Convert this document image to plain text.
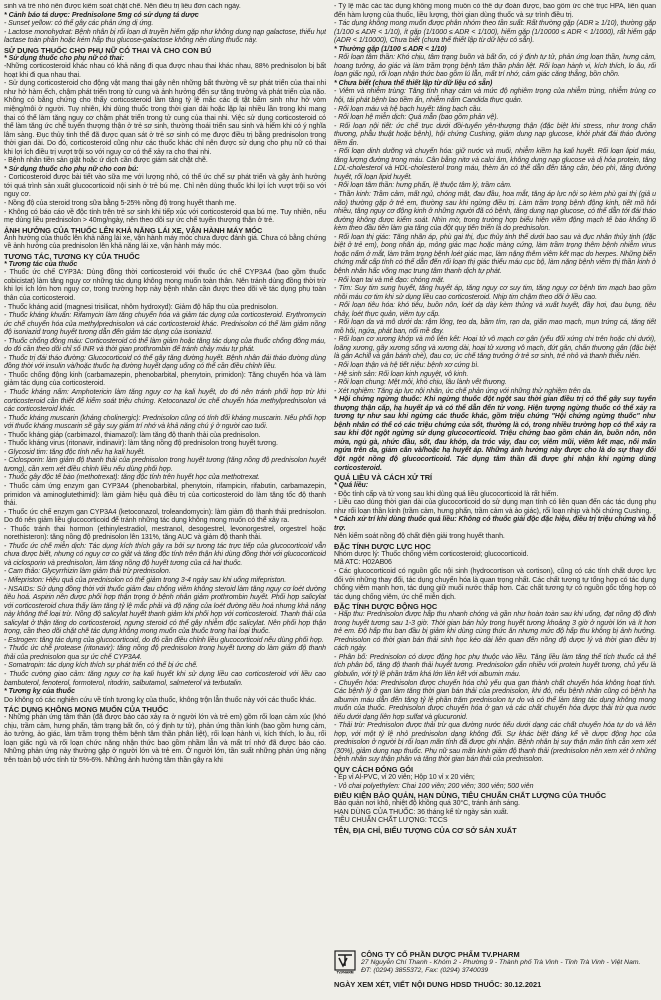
sinh và trẻ nhỏ nên được kiểm soát chặt chẽ. Nên điều trị liều đơn cách ngày.

* Cảnh báo tá dược: Prednisolone 5mg có sử dụng tá dược

- Sunset yellow: có thể gây các phản ứng dị ứng.

- Lactose monohydrat: Bệnh nhân bị rối loạn di truyền hiếm gặp như không dung nạp galactose, thiếu hụt lactase toàn phần hoặc kém hấp thu glucose-galactose không nên dùng thuốc này.

SỬ DỤNG THUỐC CHO PHỤ NỮ CÓ THAI VÀ CHO CON BÚ

* Sử dụng thuốc cho phụ nữ có thai:

-Những corticosteroid khác nhau có khả năng đi qua được nhau thai khác nhau, 88% prednisolon bị bất hoạt khi đi qua nhau thai.

- Sử dụng corticosteroid cho động vật mang thai gây nên những bất thường về sự phát triển của thai nhi như hở hàm ếch, chậm phát triển trong tử cung và ảnh hưởng đến sự tăng trưởng và phát triển của não. Không có bằng chứng cho thấy corticosteroid làm tăng tỷ lệ mắc các dị tật bẩm sinh như hở vòm miệng/môi ở người. Tuy nhiên, khi dùng thuốc trong thời gian dài hoặc lặp lại nhiều lần trong khi mang thai có thể làm tăng nguy cơ chậm phát triển trong tử cung của thai nhi. Việc sử dụng corticosteroid có thể làm tăng ức chế tuyến thượng thận ở trẻ sơ sinh, thường thoái triển sau sinh và hiếm khi có ý nghĩa lâm sàng. Đục thủy tinh thể đã được quan sát ở trẻ sơ sinh có mẹ được điều trị bằng prednisolon trong thời gian dài. Do đó, corticosteroid cũng như các thuốc khác chỉ nên được sử dụng cho phụ nữ có thai khi lợi ích điều trị vượt trội so với nguy cơ có thể xảy ra cho thai nhi.

- Bệnh nhân tiền sản giật hoặc ứ dịch cần được giám sát chặt chẽ.

* Sử dụng thuốc cho phụ nữ cho con bú:

- Corticosteroid được bài tiết vào sữa mẹ với lượng nhỏ, có thể ức chế sự phát triển và gây ảnh hưởng tới quá trình sản xuất glucocorticoid nội sinh ở trẻ bú mẹ. Chỉ nên dùng thuốc khi lợi ích vượt trội so với nguy cơ.

- Nồng độ của steroid trong sữa bằng 5-25% nồng độ trong huyết thanh mẹ.

- Không có báo cáo về độc tính trên trẻ sơ sinh khi tiếp xúc với corticosteroid qua bú mẹ. Tuy nhiên, nếu mẹ dùng liều prednisolon > 40mg/ngày, nên theo dõi sự ức chế tuyến thượng thận ở trẻ.

ẢNH HƯỞNG CỦA THUỐC LÊN KHẢ NĂNG LÁI XE, VẬN HÀNH MÁY MÓC

Ảnh hưởng của thuốc lên khả năng lái xe, vận hành máy móc chưa được đánh giá. Chưa có bằng chứng về ảnh hưởng của prednisolon lên khả năng lái xe, vận hành máy móc.

TƯƠNG TÁC, TƯƠNG KỴ CỦA THUỐC

* Tương tác của thuốc

- Thuốc ức chế CYP3A: Dùng đồng thời corticosteroid với thuốc ức chế CYP3A4 (bao gồm thuốc cobicistat) làm tăng nguy cơ những tác dụng không mong muốn toàn thân. Nên tránh dùng đồng thời trừ khi lợi ích lớn hơn nguy cơ, trong trường hợp này bệnh nhân cần được theo dõi về tác dụng phụ toàn thân của corticosteroid.

- Thuốc kháng acid (magnesi trisilicat, nhôm hydroxyd): Giảm độ hấp thu của prednisolon.

- Thuốc kháng khuẩn: Rifamycin làm tăng chuyển hóa và giảm tác dụng của corticosteroid. Erythromycin ức chế chuyển hóa của methylprednisolon và các corticosteroid khác. Prednisolon có thể làm giảm nồng độ isoniazid trong huyết tương dẫn đến giảm tác dụng của isoniazid.

- Thuốc chống đông máu: Corticosteroid có thể làm giảm hoặc tăng tác dụng của thuốc chống đông máu, do đó cần theo dõi chỉ số INR và thời gian prothrombin để tránh chảy máu tự phát.

- Thuốc trị đái tháo đường: Glucocorticoid có thể gây tăng đường huyết. Bệnh nhân đái tháo đường dùng đồng thời với insulin và/hoặc thuốc hạ đường huyết dạng uống có thể cần điều chỉnh liều.

- Thuốc chống động kinh (carbamazepin, phenobarbital, phenytoin, primidon): Tăng chuyển hóa và làm giảm tác dụng của corticosteroid.

- Thuốc kháng nấm: Amphotericin làm tăng nguy cơ hạ kali huyết, do đó nên tránh phối hợp trừ khi corticosteroid cần thiết để kiểm soát triệu chứng. Ketoconazol ức chế chuyển hóa methylprednisolon và các corticosteroid khác.

- Thuốc kháng muscarin (kháng cholinergic): Prednisolon cũng có tính đối kháng muscarin. Nếu phối hợp với thuốc kháng muscarin sẽ gây suy giảm trí nhớ và khả năng chú ý ở người cao tuổi.

- Thuốc kháng giáp (carbimazol, thiamazol): làm tăng độ thanh thải của prednisolon.

- Thuốc kháng virus (ritonavir, indinavir): làm tăng nồng độ prednisolon trong huyết tương.

- Glycosid tim: tăng độc tính nếu hạ kali huyết.

- Ciclosporin: làm giảm độ thanh thải của prednisolon trong huyết tương (tăng nồng độ prednisolon huyết tương), cần xem xét điều chỉnh liều nếu dùng phối hợp.

- Thuốc gây độc tế bào (methotrexat): tăng độc tính trên huyết học của methotrexat.

- Thuốc cảm ứng enzym gan CYP3A4 (phenobarbital, phenytoin, rifampicin, rifabutin, carbamazepin, primidon và aminoglutethimid): làm giảm hiệu quả điều trị của corticosteroid do làm tăng tốc độ thanh thải.

- Thuốc ức chế enzym gan CYP3A4 (ketoconazol, troleandomycin): làm giảm độ thanh thải prednisolon. Do đó nên giảm liều glucocorticoid để tránh những tác dụng không mong muốn có thể xảy ra.

- Thuốc tránh thai hormon (ethinylestradiol, mestranol, desogestrel, levonorgestrel, orgestrel hoặc norethisteron): tăng nồng độ prednisolon lên 131%, tăng AUC và giảm độ thanh thải.

- Thuốc ức chế miễn dịch: Tác dụng kích thích gây ra bởi sự tương tác trực tiếp của glucocorticoid vẫn chưa được biết, nhưng có nguy cơ co giật và tăng độc tính trên thận khi dùng đồng thời với glucocorticoid và ciclosporin và prednisolon, làm tăng nồng độ huyết tương của cả hai thuốc.

- Cam thảo: Glycyrrhizin làm giảm thải trừ prednisolon.

- Mifepriston: Hiệu quả của prednisolon có thể giảm trong 3-4 ngày sau khi uống mifepriston.

- NSAIDs: Sử dụng đồng thời với thuốc giảm đau chống viêm không steroid làm tăng nguy cơ loét dường tiêu hoá. Aspirin nên được phối hợp thận trọng ở bệnh nhân giảm prothrombin huyết. Phối hợp salicylat với corticosteroid chưa thấy làm tăng tỷ lệ mắc phải và độ nặng của loét đường tiêu hoá nhưng khả năng này không thể loại trừ. Nồng độ salicylat huyết thanh giảm khi phối hợp với corticosteroid. Thanh thải của salicylat ở thận tăng do corticosteroid, ngưng steroid có thể gây nhiễm độc salicylat. Nên phối hợp thận trọng, cần theo dõi chặt chẽ tác dụng không mong muốn của thuốc trong hai loại thuốc.

- Estrogen: tăng tác dụng của glucocorticoid, do đó cần điều chỉnh liều glucocorticoid nếu dùng phối hợp.

- Thuốc ức chế protease (ritonavir): tăng nồng độ prednisolon trong huyết tương do làm giảm độ thanh thải của prednisolon qua sự ức chế CYP3A4.

- Somatropin: tác dụng kích thích sự phát triển có thể bị ức chế.

- Thuốc cường giao cảm: tăng nguy cơ hạ kali huyết khi sử dụng liều cao corticosteroid với liều cao bambuterol, fenoterol, formoterol, ritodrin, salbutamol, salmeterol và terbutalin.

* Tương kỵ của thuốc

Do không có các nghiên cứu về tính tương kỵ của thuốc, không trộn lẫn thuốc này với các thuốc khác.

TÁC DỤNG KHÔNG MONG MUỐN CỦA THUỐC

- Những phản ứng tâm thần (đã được báo cáo xảy ra ở người lớn và trẻ em) gồm rối loạn cảm xúc (khó chịu, trầm cảm, hưng phấn, tâm trạng bất ổn, có ý định tự tử), phản ứng thần kinh (bao gồm hưng cảm, ảo tưởng, ảo giác, làm trầm trọng thêm bệnh tâm thần phân liệt), rối loạn hành vi, kích thích, lo âu, rối loạn giấc ngủ và rối loạn chức năng nhận thức bao gồm nhầm lẫn và mất trí nhớ đã được báo cáo. Những phản ứng này thường gặp ở người lớn và trẻ em. Ở người lớn, tần suất những phản ứng nặng trên toàn bộ ước tính từ 5%-6%. Những ảnh hưởng tâm thần gây ra khi

- Tỷ lệ mắc các tác dụng không mong muốn có thể dự đoán được, bao gồm ức chế trục HPA, liên quan đến hàm lượng của thuốc, liều lượng, thời gian dùng thuốc và sự trình điều trị.

- Tác dụng không mong muốn được phân nhóm theo tần suất: Rất thường gặp (ADR ≥ 1/10), thường gặp (1/100 ≤ ADR < 1/10), ít gặp (1/1000 ≤ ADR < 1/100), hiếm gặp (1/10000 ≤ ADR < 1/1000), rất hiếm gặp (ADR < 1/10000), Chưa biết (chưa thể thiết lập từ dữ liệu có sẵn).

* Thường gặp (1/100 ≤ ADR < 1/10)

- Rối loạn tâm thần: Khó chịu, tâm trạng buồn và bất ổn, có ý định tự tử, phản ứng loạn thần, hưng cảm, hoang tưởng, ảo giác và làm trầm trọng bệnh tâm thần phân liệt. Rối loạn hành vi, kích thích, lo âu, rối loạn giấc ngủ, rối loạn nhận thức bao gồm lú lẫn, mất trí nhớ, cảm giác căng thẳng, bồn chồn.

* Chưa biết (chưa thể thiết lập từ dữ liệu có sẵn)

- Viêm và nhiễm trùng: Tăng tính nhạy cảm và mức độ nghiêm trọng của nhiễm trùng, nhiễm trùng cơ hội, tái phát bệnh lao tiềm ẩn, nhiễm nấm Candida thực quản.

- Rối loạn máu và hệ bạch huyết: tăng bạch cầu.

- Rối loạn hệ miễn dịch: Quá mẫn (bao gồm phản vệ).

- Rối loạn nội tiết: ức chế trục dưới đồi-tuyến yên-thượng thận (đặc biệt khi stress, như trong chấn thương, phẫu thuật hoặc bệnh), hội chứng Cushing, giảm dung nạp glucose, khởi phát đái tháo đường tiềm ẩn.

- Rối loạn dinh dưỡng và chuyển hóa: giữ nước và muối, nhiễm kiềm hạ kali huyết. Rối loạn lipid máu, tăng lượng đường trong máu. Cân bằng nitơ và calci âm, không dung nạp glucose và dị hóa protein, tăng LDL-cholesterol và HDL-cholesterol trong máu, thèm ăn có thể dẫn đến tăng cân, béo phì, tăng đường huyết, rối loạn lipid huyết.

- Rối loạn tâm thần: hưng phấn, lệ thuộc tâm lý, trầm cảm.

- Thần kinh: Trầm cảm, mất ngủ, chóng mặt, đau đầu, hoa mắt, tăng áp lực nội sọ kèm phù gai thị (giả u não) thường gặp ở trẻ em, thường sau khi ngừng điều trị. Làm trầm trọng bệnh động kinh, tiết mồ hôi nhiều, tăng nguy cơ động kinh ở những người đã có bệnh, tăng dung nạp glucose, có thể dẫn tới đái tháo đường không được kiểm soát. Nhìn mờ, trong trường hợp biểu hiện viêm động mạch tế bào khổng lồ kèm theo đầu tiên làm gia tăng của đột quỵ tiến triển là do prednisolon.

- Rối loạn thị giác: Tăng nhãn áp, phù gai thị, đục thủy tinh thể dưới bao sau và đục nhân thủy tinh (đặc biệt ở trẻ em), bong nhãn áp, mỏng giác mạc hoặc màng cứng, làm trầm trọng thêm bệnh nhiễm virus hoặc nấm ở mắt, làm trầm trọng bệnh loét giác mạc, làm nặng thêm viêm kết mạc do herpes. Những biến chứng mắt cấp tính có thể dẫn đến rối loạn thị giác thiếu máu cục bộ, làm nặng bệnh viêm thị thần kinh ở bệnh nhân hấc võng mạc trung tâm thanh dịch tự phát.

- Rối loạn tai và mê đạo: chóng mặt.

- Tim: Suy tim sung huyết, tăng huyết áp, tăng nguy cơ suy tim, tăng nguy cơ bệnh tim mạch bao gồm nhồi máu cơ tim khi sử dụng liều cao corticosteroid. Nhịp tim chậm theo dõi ở liều cao.

- Rối loạn tiêu hóa: khó tiêu, buồn nôn, loét dạ dày kèm thủng và xuất huyết, đầy hơi, đau bụng, tiêu chảy, loét thực quản, viêm tụy cấp.

- Rối loạn da và mô dưới da: rậm lông, teo da, bầm tím, rạn da, giãn mao mạch, mụn trứng cá, tăng tiết mồ hôi, ngứa, phát ban, nổi mề đay.

- Rối loạn cơ xương khớp và mô liên kết: Hoại tử vô mạch cơ gân (yếu đối xứng chi trên hoặc chi dưới), loãng xương, gãy xương sống và xương dài, hoại tử xương vô mạch, đứt gân, chấn thương gân (đặc biệt là gân Achill và gân bánh chè), đau cơ, ức chế tăng trưởng ở trẻ sơ sinh, trẻ nhỏ và thanh thiếu niên.

- Rối loạn thận và hệ tiết niệu: bệnh xơ cứng bì.

- Hệ sinh sản: Rối loạn kinh nguyệt, vô kinh.

- Rối loạn chung: Mệt mỏi, khó chịu, lâu lành vết thương.

- Xét nghiệm: Tăng áp lực nội nhãn, ức chế phản ứng với những thử nghiệm trên da.

* Hội chứng ngừng thuốc: Khi ngừng thuốc đột ngột sau thời gian điều trị có thể gây suy tuyến thượng thận cấp, hạ huyết áp và có thể dẫn đến tử vong. Hiện tượng ngừng thuốc có thể xảy ra tương tự như sau khi ngừng các thuốc khác, gồm triệu chứng "Hội chứng ngừng thuốc" như bệnh nhân có thể có các triệu chứng của sốt, thường là có, trong nhiều trường hợp có thể xảy ra sau khi đột ngột ngừng sử dụng glucocorticoid. Triệu chứng bao gồm chán ăn, buồn nôn, nôn mửa, ngủ gà, nhức đầu, sốt, đau khớp, da tróc vảy, đau cơ, viêm mũi, viêm kết mạc, nổi mẩn ngứa trên da, giảm cân và/hoặc hạ huyết áp. Những ảnh hưởng này được cho là do sự thay đổi đột ngột nồng độ glucocorticoid. Tác dụng tâm thần đã được ghi nhận khi ngừng dùng corticosteroid.

QUÁ LIỀU VÀ CÁCH XỬ TRÍ

* Quá liều:

- Độc tính cấp và tử vong sau khi dùng quá liều glucocorticoid là rất hiếm.

- Liều cao dùng thời gian dài của glucocorticoid do sử dụng mạn tính có liên quan đến các tác dụng phụ như rối loạn thần kinh (trầm cảm, hưng phấn, trầm cảm và ảo giác), rối loạn nhịp và hội chứng Cushing.

* Cách xử trí khi dùng thuốc quá liều: Không có thuốc giải độc đặc hiệu, điều trị triệu chứng và hỗ trợ.

Nên kiểm soát nồng độ chất điện giải trong huyết thanh.

ĐẶC TÍNH DƯỢC LỰC HỌC

Nhóm dược lý: Thuốc chống viêm corticosteroid; glucocorticoid.

Mã ATC: H02AB06

- Các glucocorticoid có nguồn gốc nội sinh (hydrocortison và cortison), cũng có các tính chất dược lực đối với những thay đổi, tác dụng chuyển hóa là quan trọng nhất. Các chất tương tự tổng hợp có tác dụng chống viêm mạnh hơn, tác dụng giữ muối nước thấp hơn. Các chất tương tự có nguồn gốc tổng hợp có tác dụng chống viêm, ức chế miễn dịch.

ĐẶC TÍNH DƯỢC ĐỘNG HỌC

- Hấp thu: Prednisolon được hấp thu nhanh chóng và gần như hoàn toàn sau khi uống, đạt nồng độ đỉnh trong huyết tương sau 1-3 giờ. Thời gian bán hủy trong huyết tương khoảng 3 giờ ở người lớn và ít hơn trẻ em. Độ hấp thu ban đầu bị giảm khi dùng cùng thức ăn nhưng mức độ hấp thu không bị ảnh hưởng. Prednisolon có thời gian bán thải sinh học kéo dài liên quan đến nồng độ dược lý và thời gian điều trị cách ngày.

- Phân bố: Prednisolon có dược động học phụ thuộc vào liều. Tăng liều làm tăng thể tích thuốc cả thể tích phân bố, tăng độ thanh thải huyết tương. Prednisolon gắn nhiều với protein huyết tương, chủ yếu là globulin, với tỷ lệ phần trăm khá lớn liên kết với albumin máu.

- Chuyển hóa: Prednisolon được chuyển hóa chủ yếu qua gan thành chất chuyển hóa không hoạt tính. Các bệnh lý ở gan làm tăng thời gian bán thải của prednisolon, khi đó, nếu bệnh nhân cũng có bệnh hạ albumin máu dẫn đến tăng tỷ lệ phần trăm prednisolon tự do và có thể làm tăng tác dụng không mong muốn của thuốc. Prednisolon được chuyển hóa ở gan và các chất chuyển hóa được thải trừ qua nước tiểu dưới dạng liên hợp sulfat và glucuronid.

- Thải trừ: Prednisolon được thải trừ qua đường nước tiểu dưới dạng các chất chuyển hóa tự do và liên hợp, với một tỷ lệ nhỏ prednisolon dạng không đổi. Sự khác biệt đáng kể về dược động học của prednisolon ở người bị rối loạn mãn tính đã được ghi nhận. Bệnh nhân bị suy thận mãn tính cần xem xét (30%), giảm dung nạp thuốc. Phụ nữ sau mãn kinh giảm độ thanh thải (prednisolon nên xem xét ở những bệnh nhân suy thận phân và tăng thời gian bán thải của prednisolon.

QUY CÁCH ĐÓNG GÓI

- Ép vỉ Al-PVC, vỉ 20 viên; Hộp 10 vỉ x 20 viên;

- Vỏ chai polyethylen: Chai 100 viên; 200 viên; 300 viên; 500 viên

ĐIỀU KIỆN BẢO QUẢN, HẠN DÙNG, TIÊU CHUẨN CHẤT LƯỢNG CỦA THUỐC

Bảo quản nơi khô, nhiệt độ không quá 30°C, tránh ánh sáng.

HẠN DÙNG CỦA THUỐC: 36 tháng kể từ ngày sản xuất.

TIÊU CHUẨN CHẤT LƯỢNG: TCCS

TÊN, ĐỊA CHỈ, BIỂU TƯỢNG CỦA CƠ SỞ SẢN XUẤT
TV.PHARM
CÔNG TY CỔ PHẦN DƯỢC PHẨM TV.PHARM
27 Nguyễn Chí Thanh - Khóm 2 - Phường 9 - Thành phố Trà Vinh - Tỉnh Trà Vinh - Việt Nam.
ĐT: (0294) 3855372, Fax: (0294) 3740039
NGÀY XEM XÉT, VIẾT NỘI DUNG HDSD THUỐC: 30.12.2021
